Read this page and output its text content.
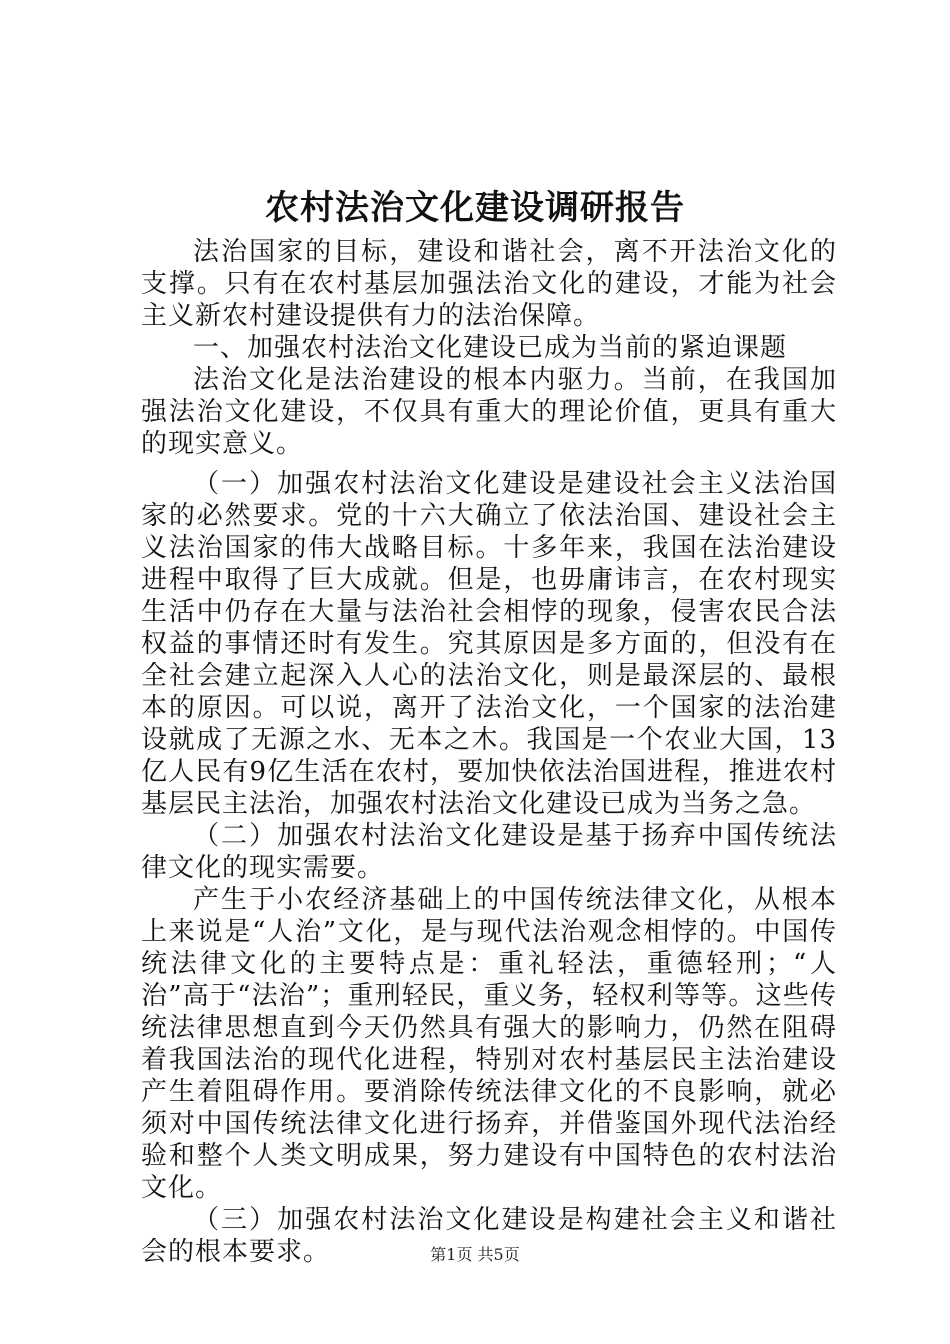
农村法治文化建设调研报告

法治国家的目标，建设和谐社会，离不开法治文化的支撑。只有在农村基层加强法治文化的建设，才能为社会主义新农村建设提供有力的法治保障。

一、加强农村法治文化建设已成为当前的紧迫课题

法治文化是法治建设的根本内驱力。当前，在我国加强法治文化建设，不仅具有重大的理论价值，更具有重大的现实意义。

（一）加强农村法治文化建设是建设社会主义法治国家的必然要求。党的十六大确立了依法治国、建设社会主义法治国家的伟大战略目标。十多年来，我国在法治建设进程中取得了巨大成就。但是，也毋庸讳言，在农村现实生活中仍存在大量与法治社会相悖的现象，侵害农民合法权益的事情还时有发生。究其原因是多方面的，但没有在全社会建立起深入人心的法治文化，则是最深层的、最根本的原因。可以说，离开了法治文化，一个国家的法治建设就成了无源之水、无本之木。我国是一个农业大国，13亿人民有9亿生活在农村，要加快依法治国进程，推进农村基层民主法治，加强农村法治文化建设已成为当务之急。

（二）加强农村法治文化建设是基于扬弃中国传统法律文化的现实需要。

产生于小农经济基础上的中国传统法律文化，从根本上来说是“人治”文化，是与现代法治观念相悖的。中国传统法律文化的主要特点是：重礼轻法，重德轻刑；“人治”高于“法治”；重刑轻民，重义务，轻权利等等。这些传统法律思想直到今天仍然具有强大的影响力，仍然在阻碍着我国法治的现代化进程，特别对农村基层民主法治建设产生着阻碍作用。要消除传统法律文化的不良影响，就必须对中国传统法律文化进行扬弃，并借鉴国外现代法治经验和整个人类文明成果，努力建设有中国特色的农村法治文化。

（三）加强农村法治文化建设是构建社会主义和谐社会的根本要求。	第1页 共5页
